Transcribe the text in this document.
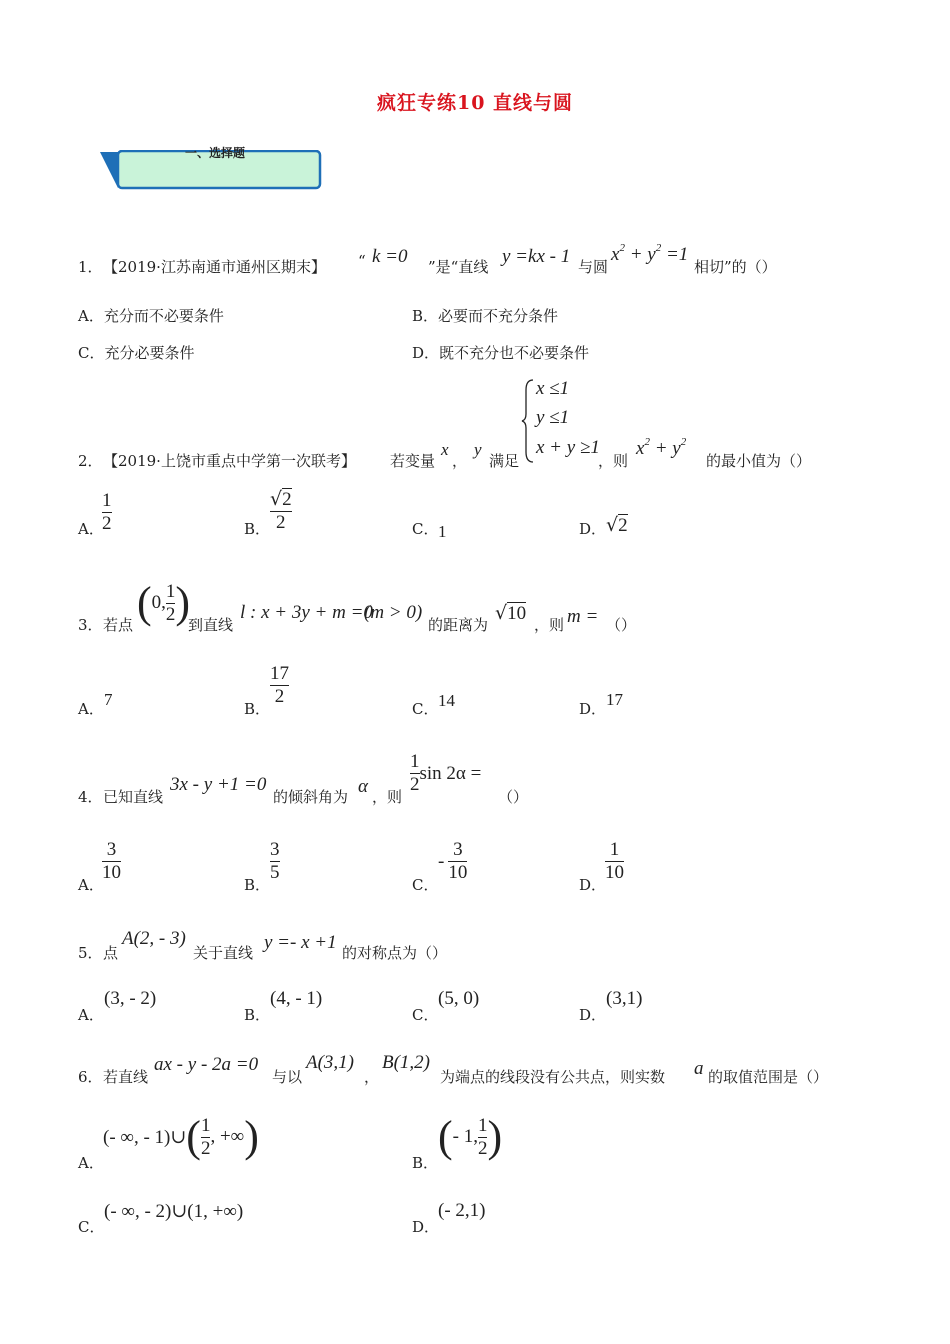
疯狂专练10 直线与圆
一、选择题
1． 【2019·江苏南通市通州区期末】 “ k =0 ”是“直线 y =kx - 1 与圆
$x^2 + y^2 =1$
相切”的（）
A．充分而不必要条件	B．必要而不充分条件
C．充分必要条件	D．既不充分也不必要条件
2． 【2019·上饶市重点中学第一次联考】 若变量
x
，
y
满足
x ≤1
y ≤1
x + y ≥1
，则
$x^2 + y^2$
的最小值为（）
A．
$\frac{1}{2}$	B． $\frac{√2}{2}$	C． 1	D． √2
3． 若点 ( 0, $\frac{1}{2}$ )
到直线
l : x + 3y + m =0
(m > 0)
的距离为
√10
，则 m = （）
A． 7	B．
$\frac{17}{2}$
C． 14	D． 17
4． 已知直线
3x - y +1 =0
的倾斜角为 α ，则
$\frac{1}{2}$ sin 2α =
（）
A．
$\frac{3}{10}$
B．
$\frac{3}{5}$
C．
- $\frac{3}{10}$
D．
$\frac{1}{10}$
5． 点
A(2, - 3)
关于直线 y =- x +1 的对称点为（）
A．
(3, - 2)
B．
(4, - 1)
C．
(5, 0)
D．
(3,1)
6． 若直线
ax - y - 2a =0
与以
A(3,1)
，
B(1,2)
为端点的线段没有公共点，则实数 a 的取值范围是（）
A．
(- ∞, - 1)∪ ( $\frac{1}{2}$ , +∞ )
B．
( - 1, $\frac{1}{2}$ )
C．
(- ∞, - 2)∪(1, +∞)
D．
(- 2,1)
